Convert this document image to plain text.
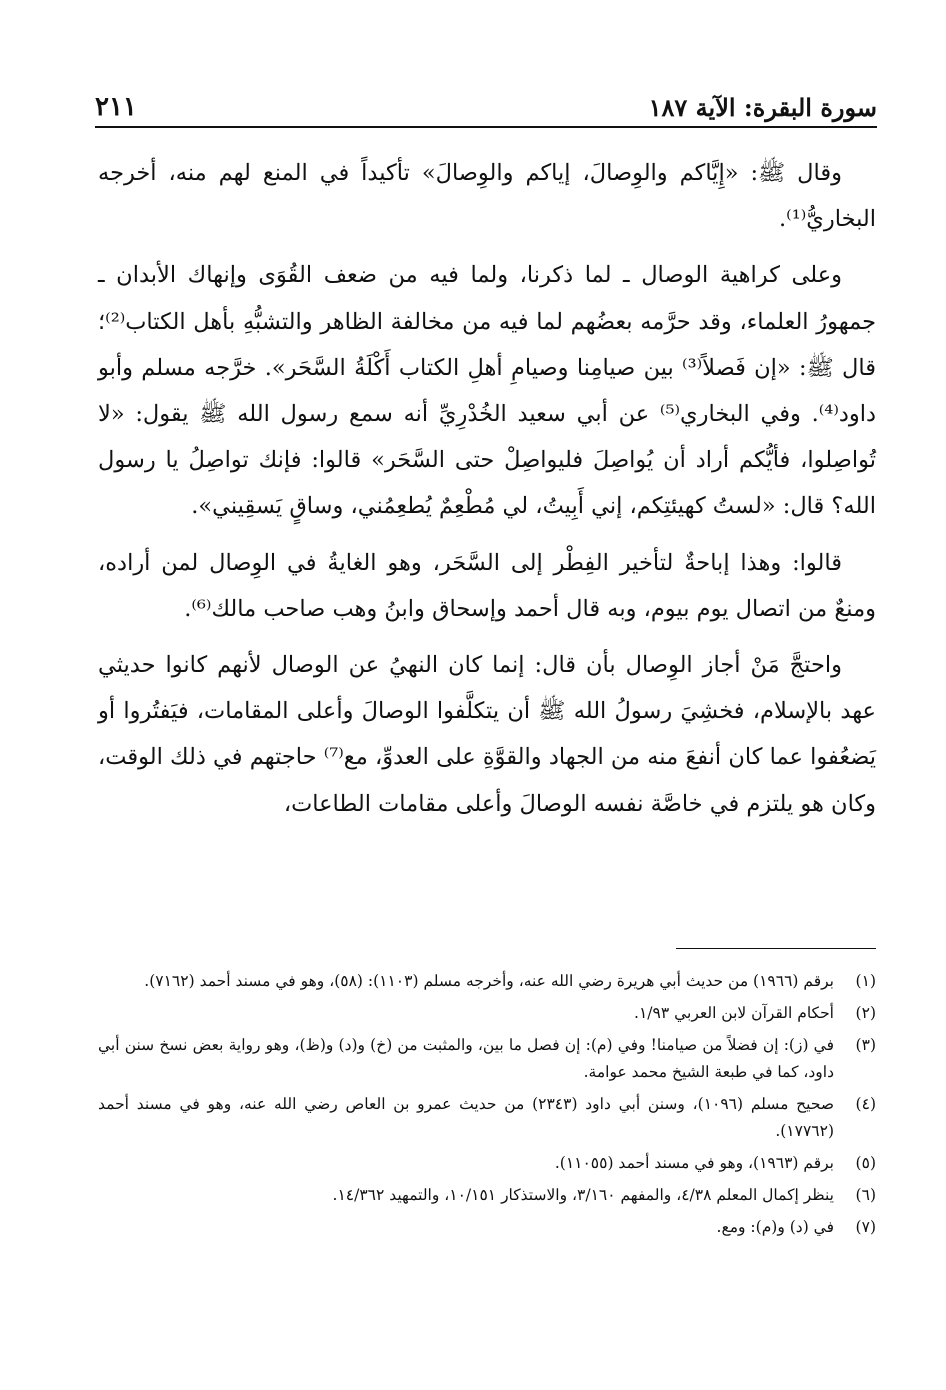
سورة البقرة: الآية ١٨٧
٢١١

وقال ﷺ: «إِيَّاكم والوِصالَ، إياكم والوِصالَ» تأكيداً في المنع لهم منه، أخرجه البخاريُّ⁽¹⁾.

وعلى كراهية الوصال ـ لما ذكرنا، ولما فيه من ضعف القُوَى وإنهاك الأبدان ـ جمهورُ العلماء، وقد حرَّمه بعضُهم لما فيه من مخالفة الظاهر والتشبُّهِ بأهل الكتاب⁽²⁾؛ قال ﷺ: «إن فَصلاً⁽³⁾ بين صيامِنا وصيامِ أهلِ الكتاب أَكْلَةُ السَّحَر». خرَّجه مسلم وأبو داود⁽⁴⁾. وفي البخاري⁽⁵⁾ عن أبي سعيد الخُدْرِيِّ أنه سمع رسول الله ﷺ يقول: «لا تُواصِلوا، فأيُّكم أراد أن يُواصِلَ فليواصِلْ حتى السَّحَر» قالوا: فإنك تواصِلُ يا رسول الله؟ قال: «لستُ كهيئتِكم، إني أَبِيتُ، لي مُطْعِمٌ يُطعِمُني، وساقٍ يَسقِيني».

قالوا: وهذا إباحةٌ لتأخير الفِطْر إلى السَّحَر، وهو الغايةُ في الوِصال لمن أراده، ومنعٌ من اتصال يوم بيوم، وبه قال أحمد وإسحاق وابنُ وهب صاحب مالك⁽⁶⁾.

واحتجَّ مَنْ أجاز الوِصال بأن قال: إنما كان النهيُ عن الوصال لأنهم كانوا حديثي عهد بالإسلام، فخشِيَ رسولُ الله ﷺ أن يتكلَّفوا الوصالَ وأعلى المقامات، فيَفتُروا أو يَضعُفوا عما كان أنفعَ منه من الجهاد والقوَّةِ على العدوِّ، مع⁽⁷⁾ حاجتهم في ذلك الوقت، وكان هو يلتزم في خاصَّة نفسه الوصالَ وأعلى مقامات الطاعات،

(١)
برقم (١٩٦٦) من حديث أبي هريرة رضي الله عنه، وأخرجه مسلم (١١٠٣): (٥٨)، وهو في مسند أحمد (٧١٦٢).
(٢)
أحكام القرآن لابن العربي ١/٩٣.
(٣)
في (ز): إن فضلاً من صيامنا! وفي (م): إن فصل ما بين، والمثبت من (خ) و(د) و(ظ)، وهو رواية بعض نسخ سنن أبي داود، كما في طبعة الشيخ محمد عوامة.
(٤)
صحيح مسلم (١٠٩٦)، وسنن أبي داود (٢٣٤٣) من حديث عمرو بن العاص رضي الله عنه، وهو في مسند أحمد (١٧٧٦٢).
(٥)
برقم (١٩٦٣)، وهو في مسند أحمد (١١٠٥٥).
(٦)
ينظر إكمال المعلم ٤/٣٨، والمفهم ٣/١٦٠، والاستذكار ١٠/١٥١، والتمهيد ١٤/٣٦٢.
(٧)
في (د) و(م): ومع.
